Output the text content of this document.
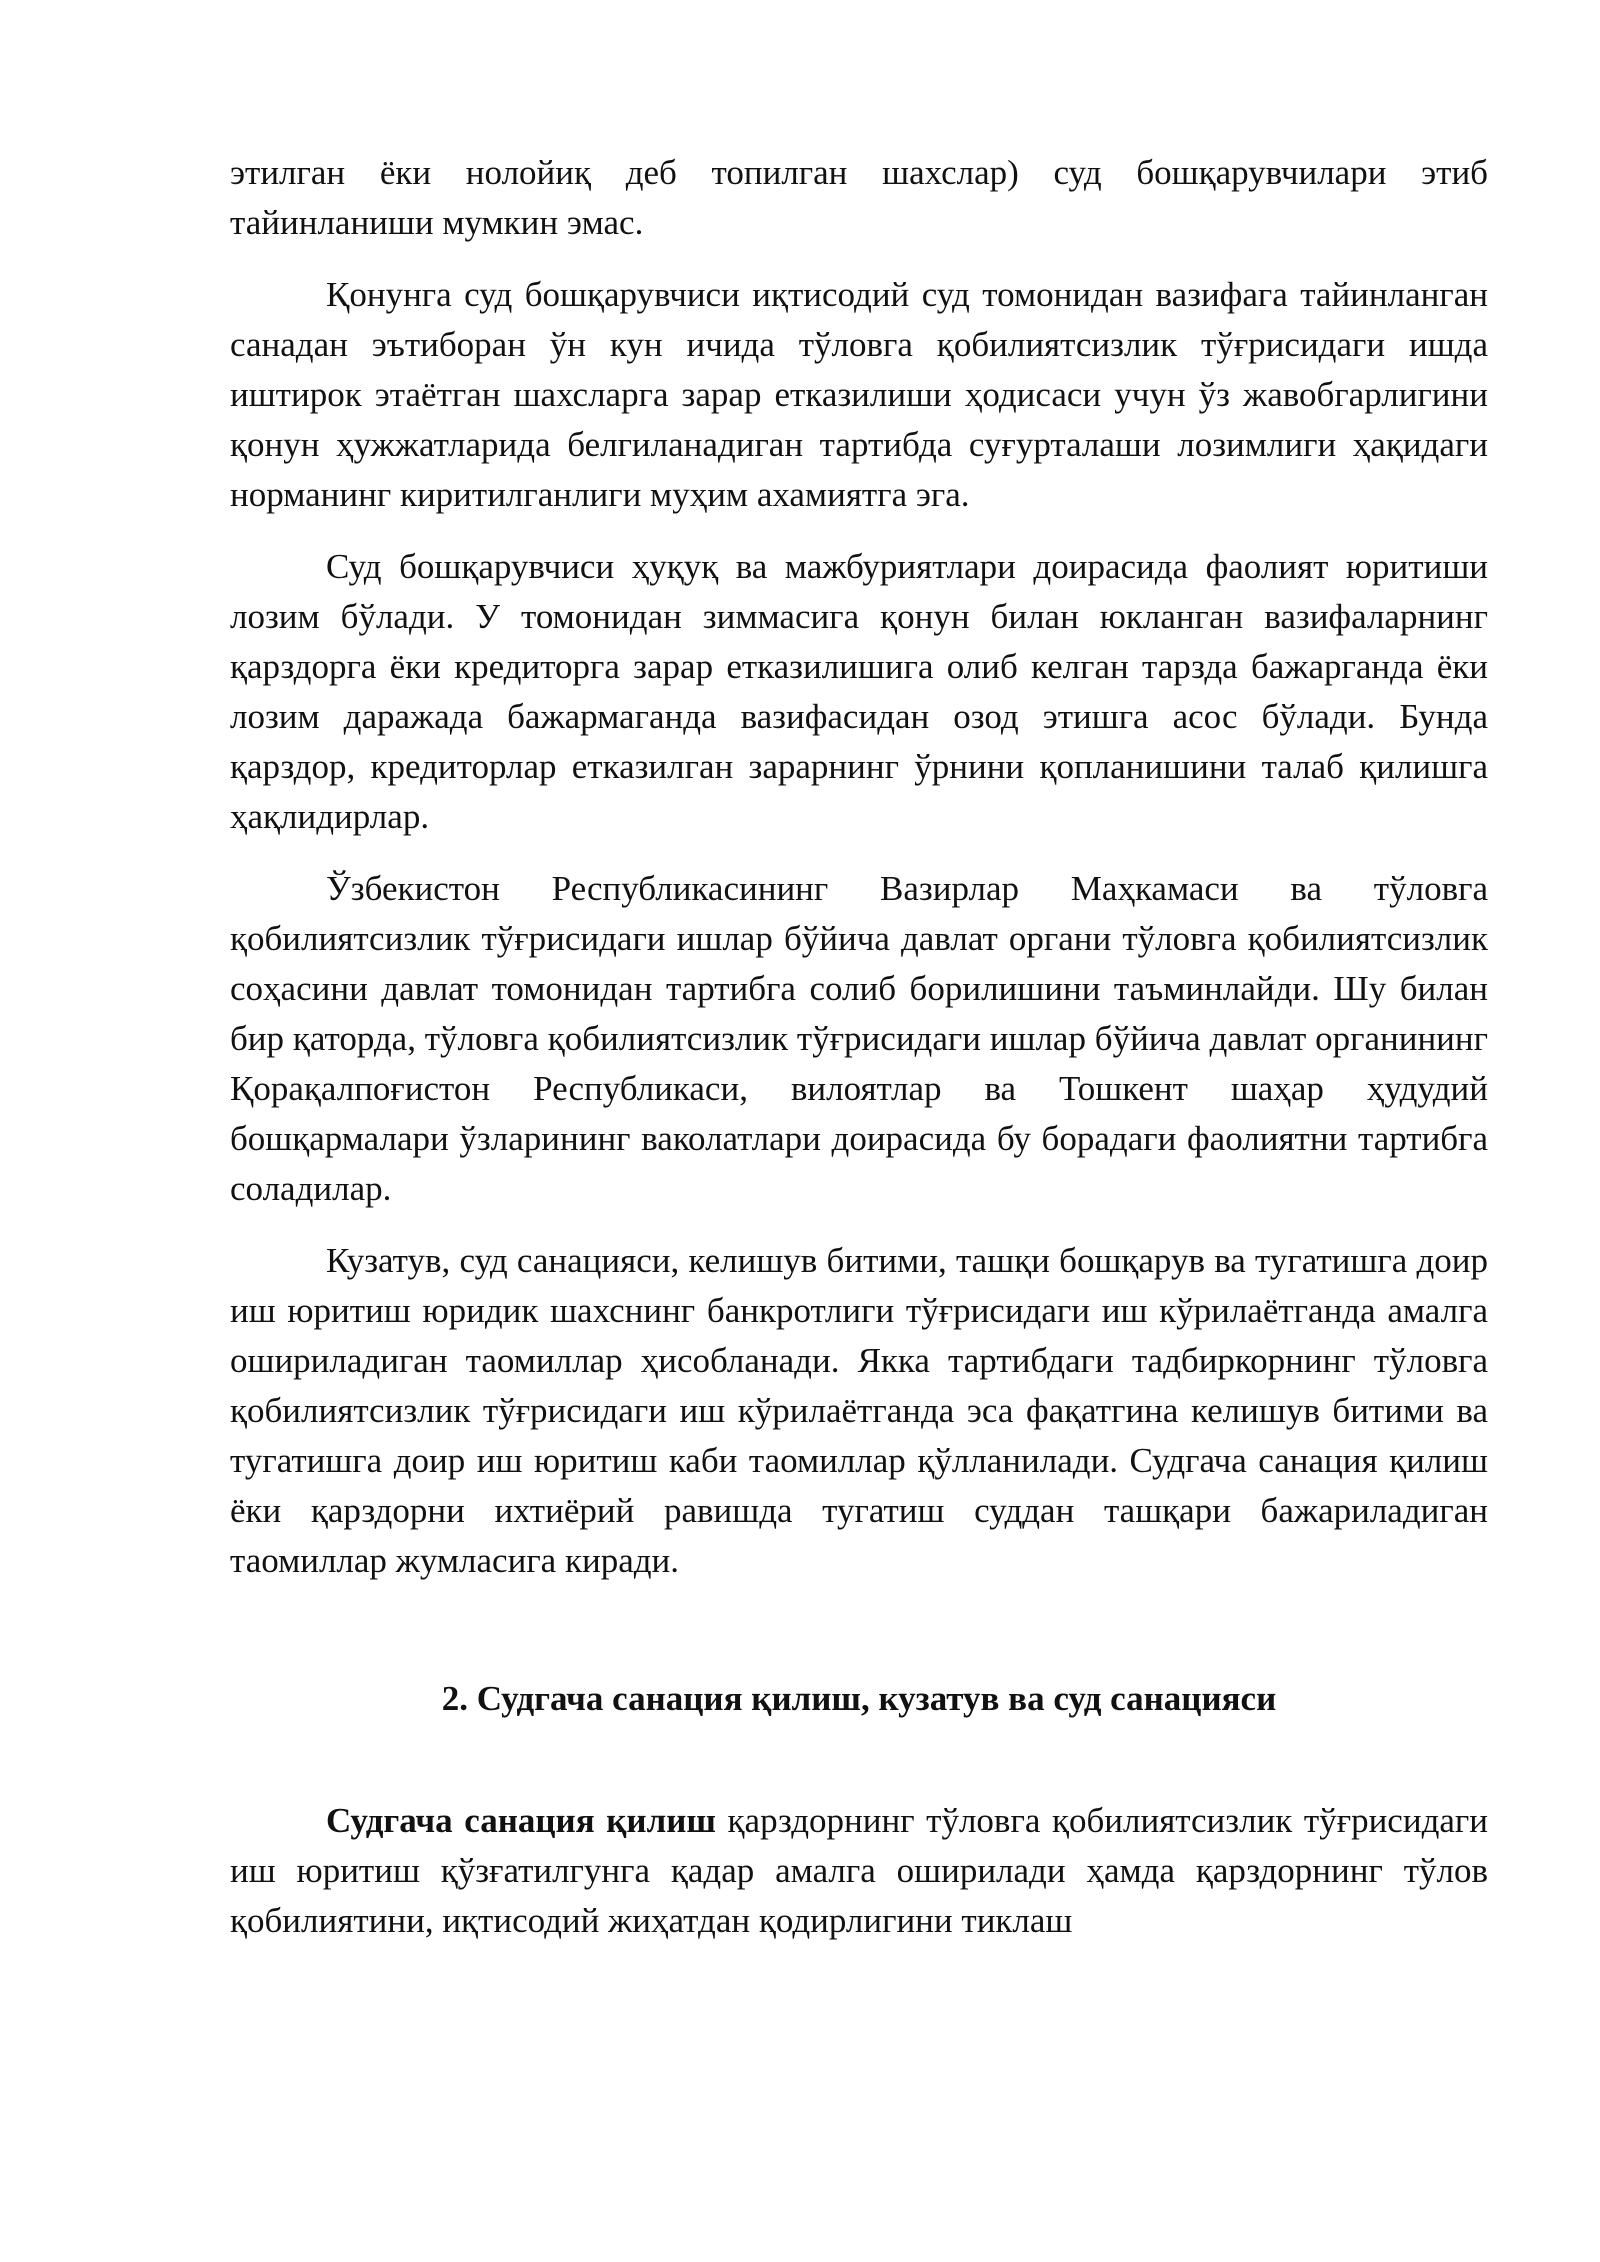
этилган ёки нолойиқ деб топилган шахслар) суд бошқарувчилари этиб тайинланиши мумкин эмас.

Қонунга суд бошқарувчиси иқтисодий суд томонидан вазифага тайинланган санадан эътиборан ўн кун ичида тўловга қобилиятсизлик тўғрисидаги ишда иштирок этаётган шахсларга зарар етказилиши ҳодисаси учун ўз жавобгарлигини қонун ҳужжатларида белгиланадиган тартибда суғурталаши лозимлиги ҳақидаги норманинг киритилганлиги муҳим ахамиятга эга.

Суд бошқарувчиси ҳуқуқ ва мажбуриятлари доирасида фаолият юритиши лозим бўлади. У томонидан зиммасига қонун билан юкланган вазифаларнинг қарздорга ёки кредиторга зарар етказилишига олиб келган тарзда бажарганда ёки лозим даражада бажармаганда вазифасидан озод этишга асос бўлади. Бунда қарздор, кредиторлар етказилган зарарнинг ўрнини қопланишини талаб қилишга ҳақлидирлар.

Ўзбекистон Республикасининг Вазирлар Маҳкамаси ва тўловга қобилиятсизлик тўғрисидаги ишлар бўйича давлат органи тўловга қобилиятсизлик соҳасини давлат томонидан тартибга солиб борилишини таъминлайди. Шу билан бир қаторда, тўловга қобилиятсизлик тўғрисидаги ишлар бўйича давлат органининг Қорақалпоғистон Республикаси, вилоятлар ва Тошкент шаҳар ҳудудий бошқармалари ўзларининг ваколатлари доирасида бу борадаги фаолиятни тартибга соладилар.

Кузатув, суд санацияси, келишув битими, ташқи бошқарув ва тугатишга доир иш юритиш юридик шахснинг банкротлиги тўғрисидаги иш кўрилаётганда амалга ошириладиган таомиллар ҳисобланади. Якка тартибдаги тадбиркорнинг тўловга қобилиятсизлик тўғрисидаги иш кўрилаётганда эса фақатгина келишув битими ва тугатишга доир иш юритиш каби таомиллар қўлланилади. Судгача санация қилиш ёки қарздорни ихтиёрий равишда тугатиш суддан ташқари бажариладиган таомиллар жумласига киради.

2. Судгача санация қилиш, кузатув ва суд санацияси

Судгача санация қилиш қарздорнинг тўловга қобилиятсизлик тўғрисидаги иш юритиш қўзғатилгунга қадар амалга оширилади ҳамда қарздорнинг тўлов қобилиятини, иқтисодий жиҳатдан қодирлигини тиклаш
